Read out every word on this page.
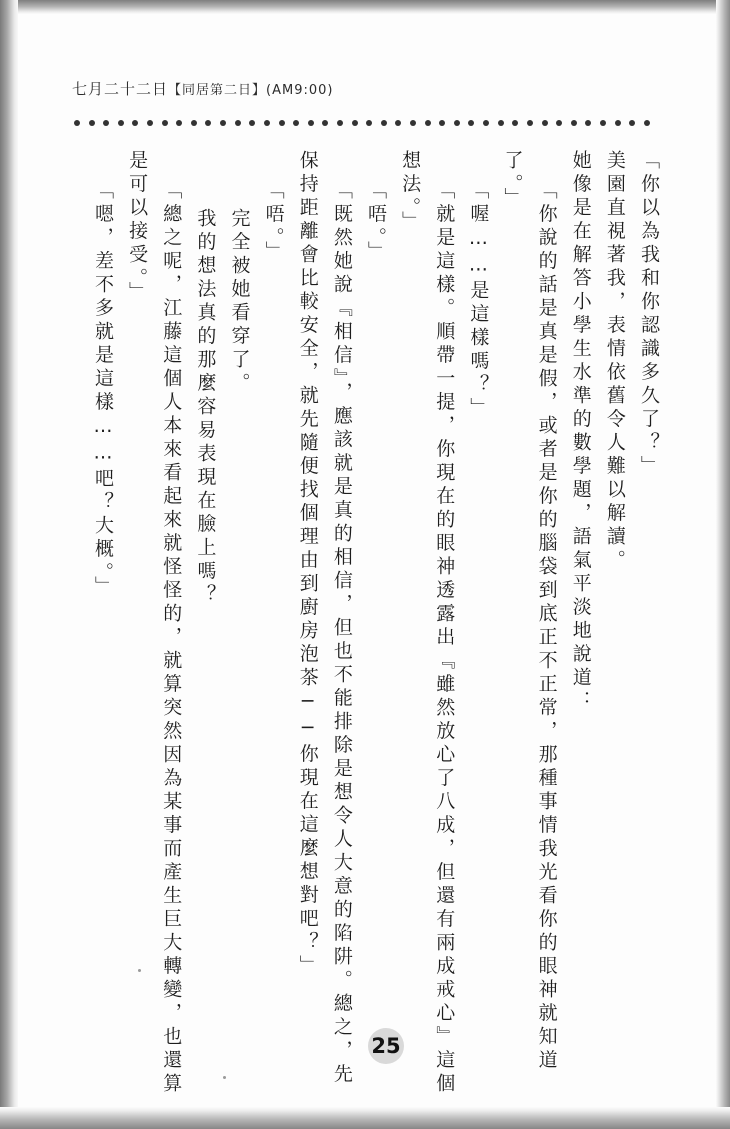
七月二十二日【同居第二日】(AM9:00)
「你以為我和你認識多久了？」
美園直視著我，表情依舊令人難以解讀。
她像是在解答小學生水準的數學題，語氣平淡地說道：
「你說的話是真是假，或者是你的腦袋到底正不正常，那種事情我光看你的眼神就知道
了。」
「喔……是這樣嗎？」
「就是這樣。順帶一提，你現在的眼神透露出『雖然放心了八成，但還有兩成戒心』這個
想法。」
「唔。」
「既然她說『相信』，應該就是真的相信，但也不能排除是想令人大意的陷阱。總之，先
保持距離會比較安全，就先隨便找個理由到廚房泡茶──你現在這麼想對吧？」
「唔。」
完全被她看穿了。
我的想法真的那麼容易表現在臉上嗎？
「總之呢，江藤這個人本來看起來就怪怪的，就算突然因為某事而產生巨大轉變，也還算
是可以接受。」
「嗯，差不多就是這樣……吧？大概。」
25
